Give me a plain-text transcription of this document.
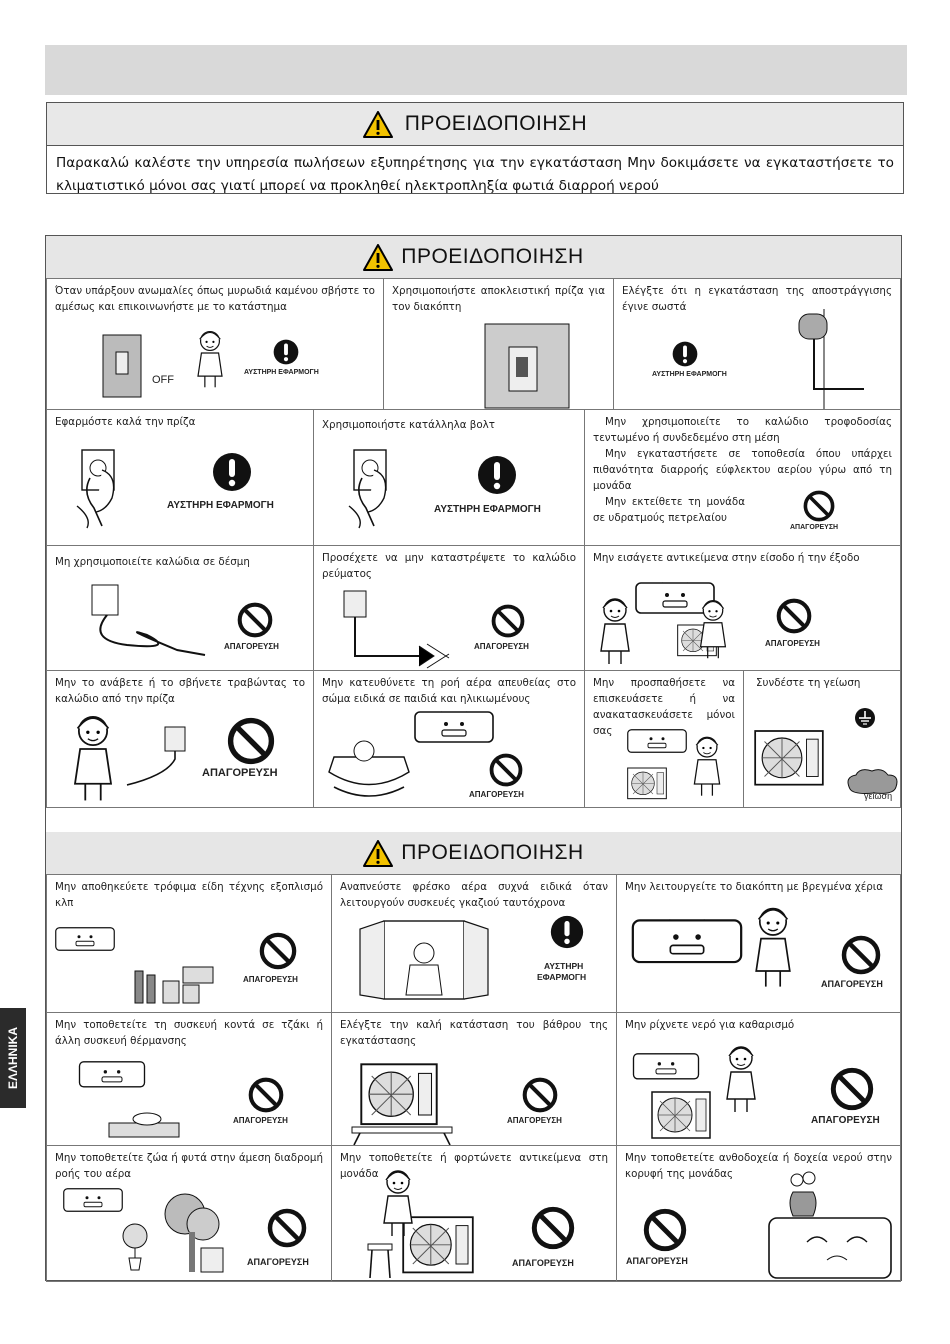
ΠΡΟΕΙΔΟΠΟΙΗΣΗ
Παρακαλώ καλέστε την υπηρεσία πωλήσεων εξυπηρέτησης για την εγκατάσταση Μην δοκιμάσετε να εγκαταστήσετε το κλιματιστικό μόνοι σας γιατί μπορεί να προκληθεί ηλεκτροπληξία φωτιά διαρροή νερού
ΠΡΟΕΙΔΟΠΟΙΗΣΗ
Όταν υπάρξουν ανωμαλίες όπως μυρωδιά καμένου σβήστε το αμέσως και επικοινωνήστε με το κατάστημα
OFF
ΑΥΣΤΗΡΗ ΕΦΑΡΜΟΓΗ
Χρησιμοποιήστε αποκλειστική πρίζα για τον διακόπτη
Ελέγξτε ότι η εγκατάσταση της αποστράγγισης έγινε σωστά
ΑΥΣΤΗΡΗ ΕΦΑΡΜΟΓΗ
Εφαρμόστε καλά την πρίζα
ΑΥΣΤΗΡΗ ΕΦΑΡΜΟΓΗ
Χρησιμοποιήστε κατάλληλα βολτ
ΑΥΣΤΗΡΗ ΕΦΑΡΜΟΓΗ
Μην χρησιμοποιείτε το καλώδιο τροφοδοσίας τεντωμένο ή συνδεδεμένο στη μέση
Μην εγκαταστήσετε σε τοποθεσία όπου υπάρχει πιθανότητα διαρροής εύφλεκτου αερίου γύρω από τη μονάδα
Μην εκτείθετε τη μονάδα σε υδρατμούς πετρελαίου
ΑΠΑΓΟΡΕΥΣΗ
Μη χρησιμοποιείτε καλώδια σε δέσμη
ΑΠΑΓΟΡΕΥΣΗ
Προσέχετε να μην καταστρέψετε το καλώδιο ρεύματος
ΑΠΑΓΟΡΕΥΣΗ
Μην εισάγετε αντικείμενα στην είσοδο ή την έξοδο
ΑΠΑΓΟΡΕΥΣΗ
Μην το ανάβετε ή το σβήνετε τραβώντας το καλώδιο από την πρίζα
ΑΠΑΓΟΡΕΥΣΗ
Μην κατευθύνετε τη ροή αέρα απευθείας στο σώμα ειδικά σε παιδιά και ηλικιωμένους
ΑΠΑΓΟΡΕΥΣΗ
Μην προσπαθήσετε να επισκευάσετε ή να ανακατασκευάσετε μόνοι σας
Συνδέστε τη γείωση
γείωση
ΠΡΟΕΙΔΟΠΟΙΗΣΗ
Μην αποθηκεύετε τρόφιμα είδη τέχνης εξοπλισμό κλπ
ΑΠΑΓΟΡΕΥΣΗ
Αναπνεύστε φρέσκο αέρα συχνά ειδικά όταν λειτουργούν συσκευές γκαζιού ταυτόχρονα
ΑΥΣΤΗΡΗ
ΕΦΑΡΜΟΓΗ
Μην λειτουργείτε το διακόπτη με βρεγμένα χέρια
ΑΠΑΓΟΡΕΥΣΗ
Μην τοποθετείτε τη συσκευή κοντά σε τζάκι ή άλλη συσκευή θέρμανσης
ΑΠΑΓΟΡΕΥΣΗ
Ελέγξτε την καλή κατάσταση του βάθρου της εγκατάστασης
ΑΠΑΓΟΡΕΥΣΗ
Μην ρίχνετε νερό για καθαρισμό
ΑΠΑΓΟΡΕΥΣΗ
Μην τοποθετείτε ζώα ή φυτά στην άμεση διαδρομή ροής του αέρα
ΑΠΑΓΟΡΕΥΣΗ
Μην τοποθετείτε ή φορτώνετε αντικείμενα στη μονάδα
ΑΠΑΓΟΡΕΥΣΗ
Μην τοποθετείτε ανθοδοχεία ή δοχεία νερού στην κορυφή της μονάδας
ΑΠΑΓΟΡΕΥΣΗ
ΕΛΛΗΝΙΚΑ
